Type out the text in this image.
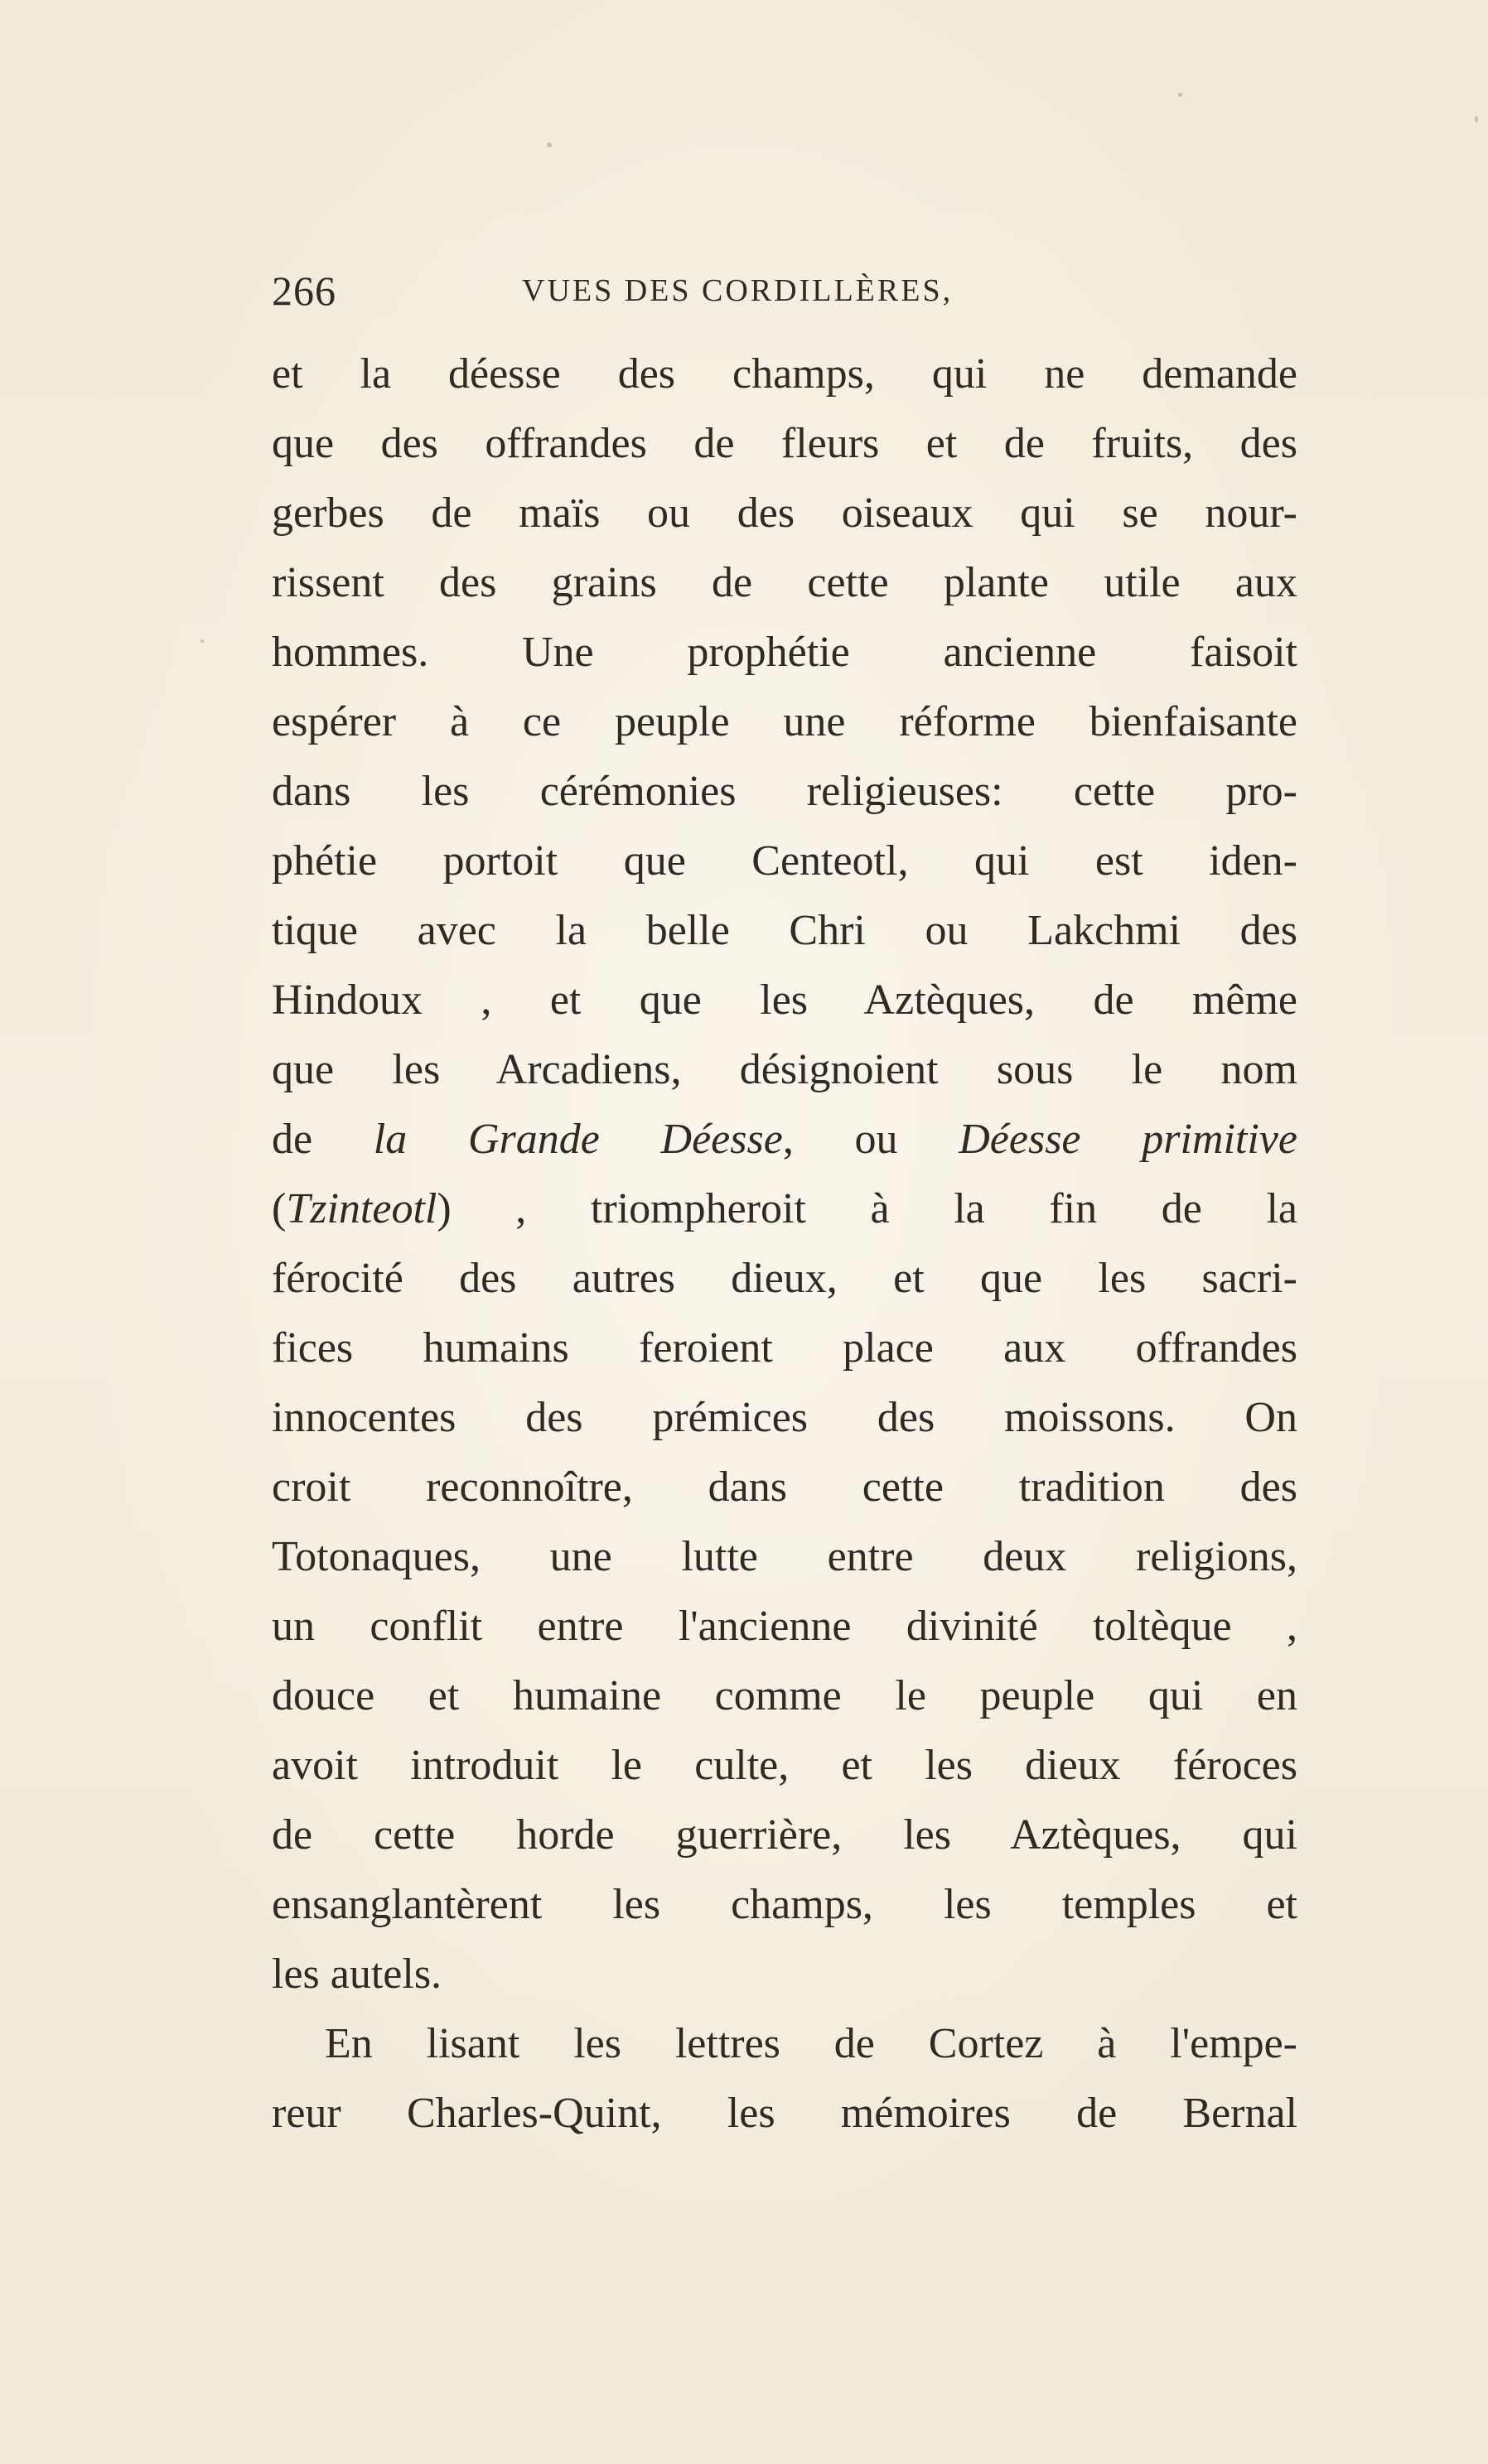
266	VUES DES CORDILLÈRES,
et la déesse des champs, qui ne demande
que des offrandes de fleurs et de fruits, des
gerbes de maïs ou des oiseaux qui se nour-
rissent des grains de cette plante utile aux
hommes. Une prophétie ancienne faisoit
espérer à ce peuple une réforme bienfaisante
dans les cérémonies religieuses: cette pro-
phétie portoit que Centeotl, qui est iden-
tique avec la belle Chri ou Lakchmi des
Hindoux , et que les Aztèques, de même
que les Arcadiens, désignoient sous le nom
de la Grande Déesse, ou Déesse primitive
(Tzinteotl) , triompheroit à la fin de la
férocité des autres dieux, et que les sacri-
fices humains feroient place aux offrandes
innocentes des prémices des moissons. On
croit reconnoître, dans cette tradition des
Totonaques, une lutte entre deux religions,
un conflit entre l'ancienne divinité toltèque ,
douce et humaine comme le peuple qui en
avoit introduit le culte, et les dieux féroces
de cette horde guerrière, les Aztèques, qui
ensanglantèrent les champs, les temples et
les autels.
En lisant les lettres de Cortez à l'empe-
reur Charles-Quint, les mémoires de Bernal
